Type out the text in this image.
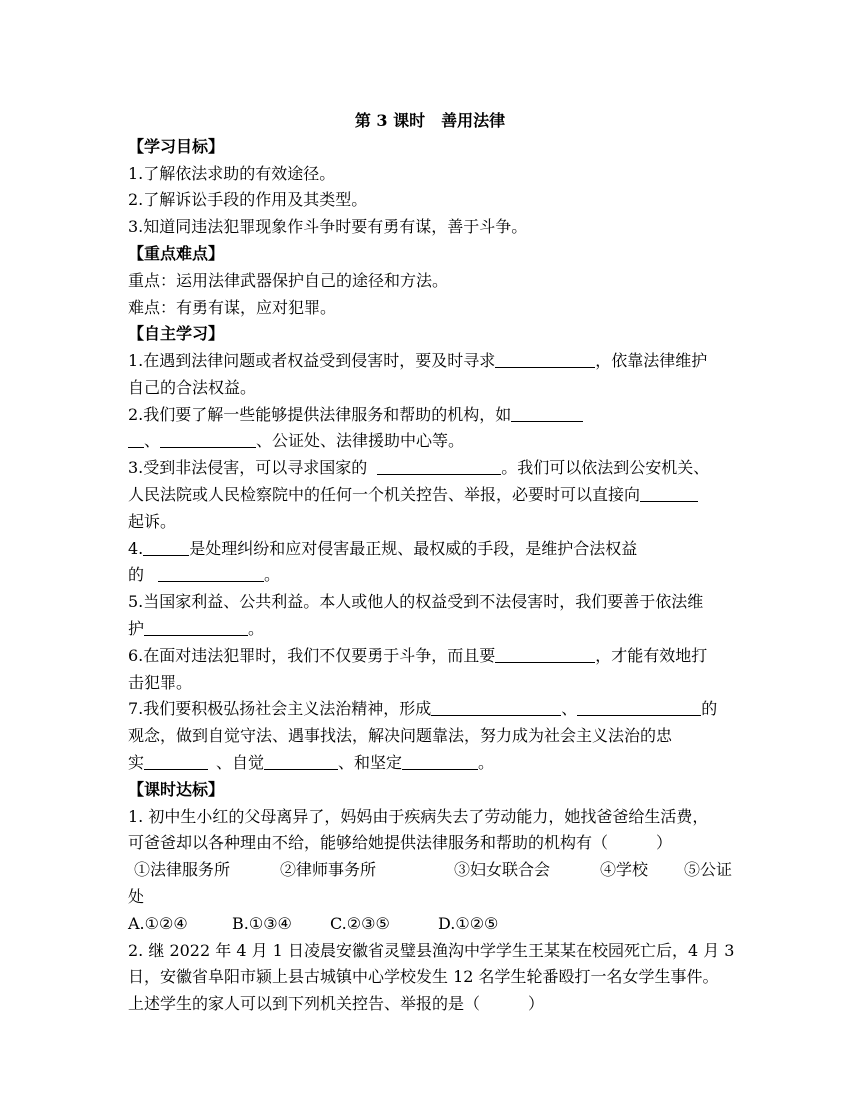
第 3 课时　善用法律
【学习目标】
1.了解依法求助的有效途径。
2.了解诉讼手段的作用及其类型。
3.知道同违法犯罪现象作斗争时要有勇有谋，善于斗争。
【重点难点】
重点：运用法律武器保护自己的途径和方法。
难点：有勇有谋，应对犯罪。
【自主学习】
1.在遇到法律问题或者权益受到侵害时，要及时寻求	，依靠法律维护
自己的合法权益。
2.我们要了解一些能够提供法律服务和帮助的机构，如
、	、公证处、法律援助中心等。
3.受到非法侵害，可以寻求国家的	。我们可以依法到公安机关、
人民法院或人民检察院中的任何一个机关控告、举报，必要时可以直接向
起诉。
4.	是处理纠纷和应对侵害最正规、最权威的手段，是维护合法权益
的	。
5.当国家利益、公共利益。本人或他人的权益受到不法侵害时，我们要善于依法维
护	。
6.在面对违法犯罪时，我们不仅要勇于斗争，而且要	，才能有效地打
击犯罪。
7.我们要积极弘扬社会主义法治精神，形成	、	的
观念，做到自觉守法、遇事找法，解决问题靠法，努力成为社会主义法治的忠
实	、自觉	、和坚定	。
【课时达标】
1. 初中生小红的父母离异了，妈妈由于疾病失去了劳动能力，她找爸爸给生活费，
可爸爸却以各种理由不给，能够给她提供法律服务和帮助的机构有（　　　）
①法律服务所	②律师事务所	③妇女联合会	④学校 ⑤公证
处
A.①②④	B.①③④ C.②③⑤	D.①②⑤
2. 继 2022 年 4 月 1 日凌晨安徽省灵璧县渔沟中学学生王某某在校园死亡后，4 月 3
日，安徽省阜阳市颍上县古城镇中心学校发生 12 名学生轮番殴打一名女学生事件。
上述学生的家人可以到下列机关控告、举报的是（　　　）
